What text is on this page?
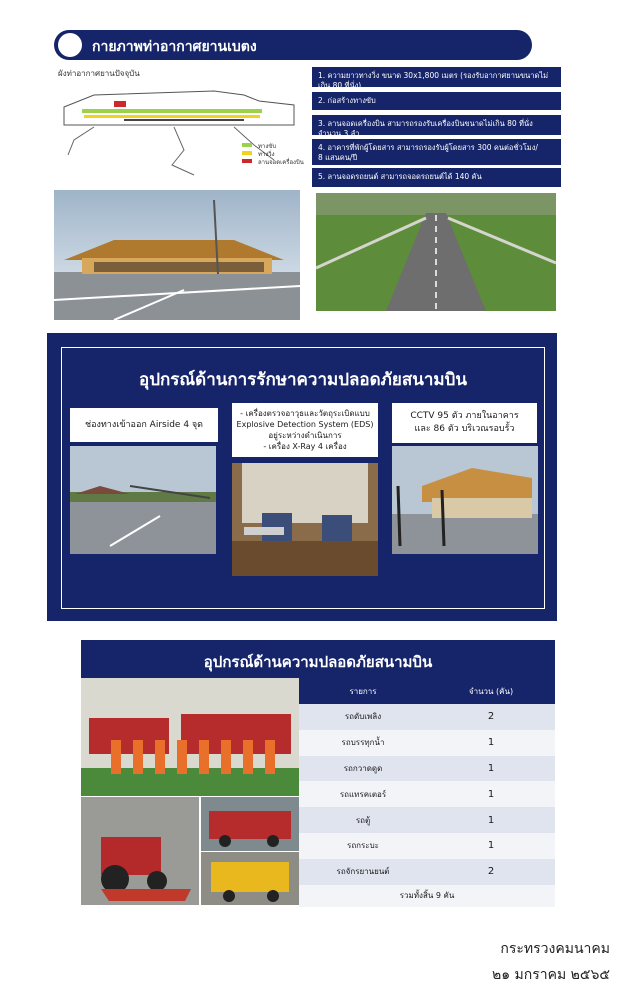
กายภาพท่าอากาศยานเบตง
ผังท่าอากาศยานปัจจุบัน
ทางขับ
ทางวิ่ง
ลานจอดเครื่องบิน
1. ความยาวทางวิ่ง ขนาด 30x1,800 เมตร (รองรับอากาศยานขนาดไม่เกิน 80 ที่นั่ง)
2. ก่อสร้างทางขับ
3. ลานจอดเครื่องบิน สามารถรองรับเครื่องบินขนาดไม่เกิน 80 ที่นั่ง จำนวน 3 ลำ
4. อาคารที่พักผู้โดยสาร สามารถรองรับผู้โดยสาร 300 คนต่อชั่วโมง/
8 แสนคน/ปี
5. ลานจอดรถยนต์ สามารถจอดรถยนต์ได้ 140 คัน
อุปกรณ์ด้านการรักษาความปลอดภัยสนามบิน
ช่องทางเข้าออก Airside 4 จุด
- เครื่องตรวจอาวุธและวัตถุระเบิดแบบ
Explosive Detection System (EDS)
อยู่ระหว่างดำเนินการ
- เครื่อง X-Ray 4 เครื่อง
CCTV 95 ตัว ภายในอาคาร
และ 86 ตัว บริเวณรอบรั้ว
อุปกรณ์ด้านความปลอดภัยสนามบิน
รายการ	จำนวน (คัน)
รถดับเพลิง	2
รถบรรทุกน้ำ	1
รถกวาดดูด	1
รถแทรคเตอร์	1
รถตู้	1
รถกระบะ	1
รถจักรยานยนต์	2
รวมทั้งสิ้น 9 คัน
กระทรวงคมนาคม
๒๑ มกราคม ๒๕๖๕
